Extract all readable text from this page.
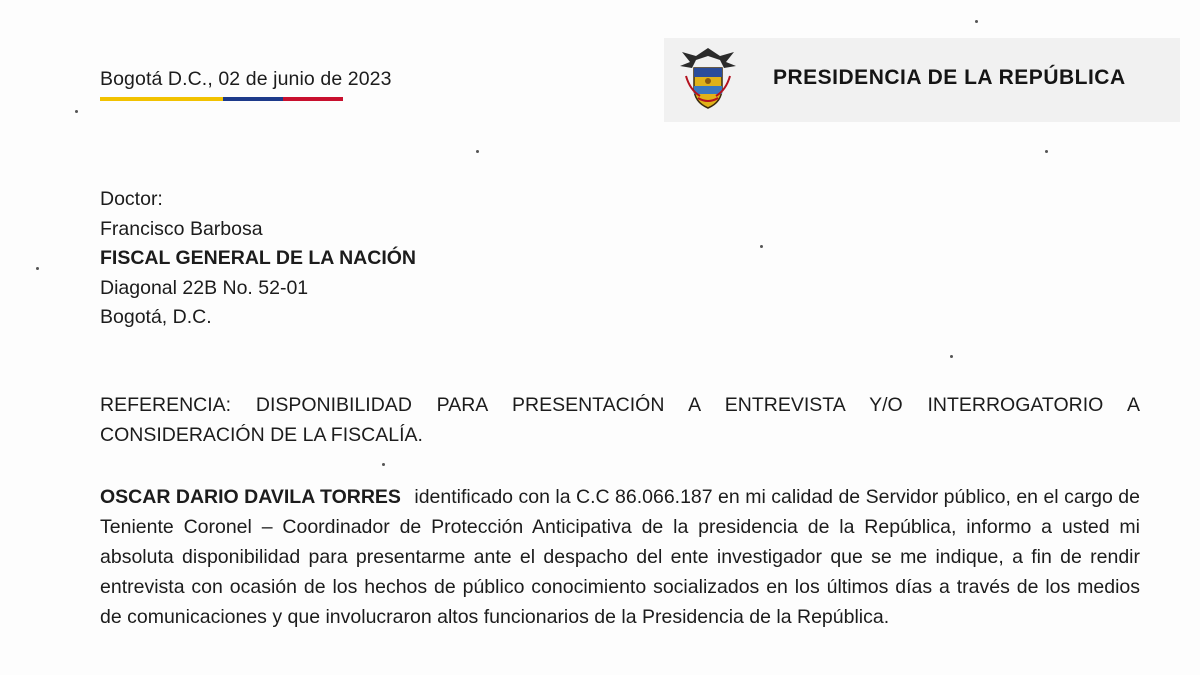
Bogotá D.C., 02 de junio de 2023	PRESIDENCIA DE LA REPÚBLICA
Doctor:
Francisco Barbosa
FISCAL GENERAL DE LA NACIÓN
Diagonal 22B No. 52-01
Bogotá, D.C.
REFERENCIA: DISPONIBILIDAD PARA PRESENTACIÓN A ENTREVISTA Y/O INTERROGATORIO A CONSIDERACIÓN DE LA FISCALÍA.
OSCAR DARIO DAVILA TORRES identificado con la C.C 86.066.187 en mi calidad de Servidor público, en el cargo de Teniente Coronel – Coordinador de Protección Anticipativa de la presidencia de la República, informo a usted mi absoluta disponibilidad para presentarme ante el despacho del ente investigador que se me indique, a fin de rendir entrevista con ocasión de los hechos de público conocimiento socializados en los últimos días a través de los medios de comunicaciones y que involucraron altos funcionarios de la Presidencia de la República.
